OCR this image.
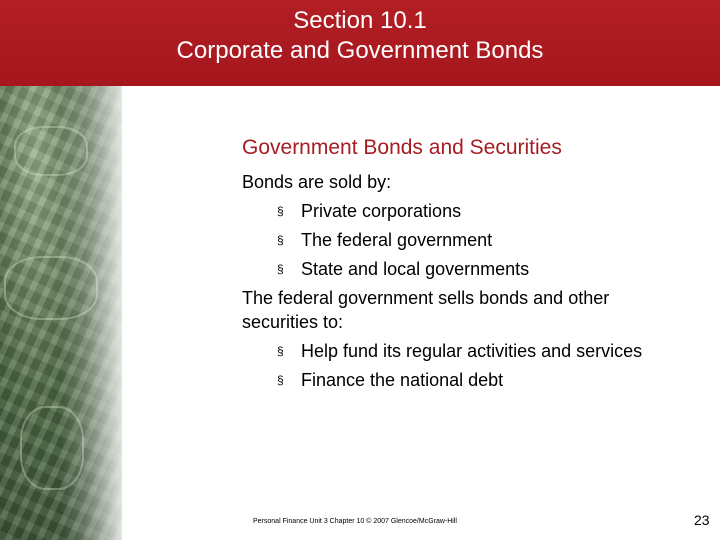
Section 10.1
Corporate and Government Bonds
Government Bonds and Securities

Bonds are sold by:

§ Private corporations
§ The federal government
§ State and local governments

The federal government sells bonds and other securities to:

§ Help fund its regular activities and services
§ Finance the national debt
Personal Finance Unit 3 Chapter 10 © 2007 Glencoe/McGraw-Hill	23
